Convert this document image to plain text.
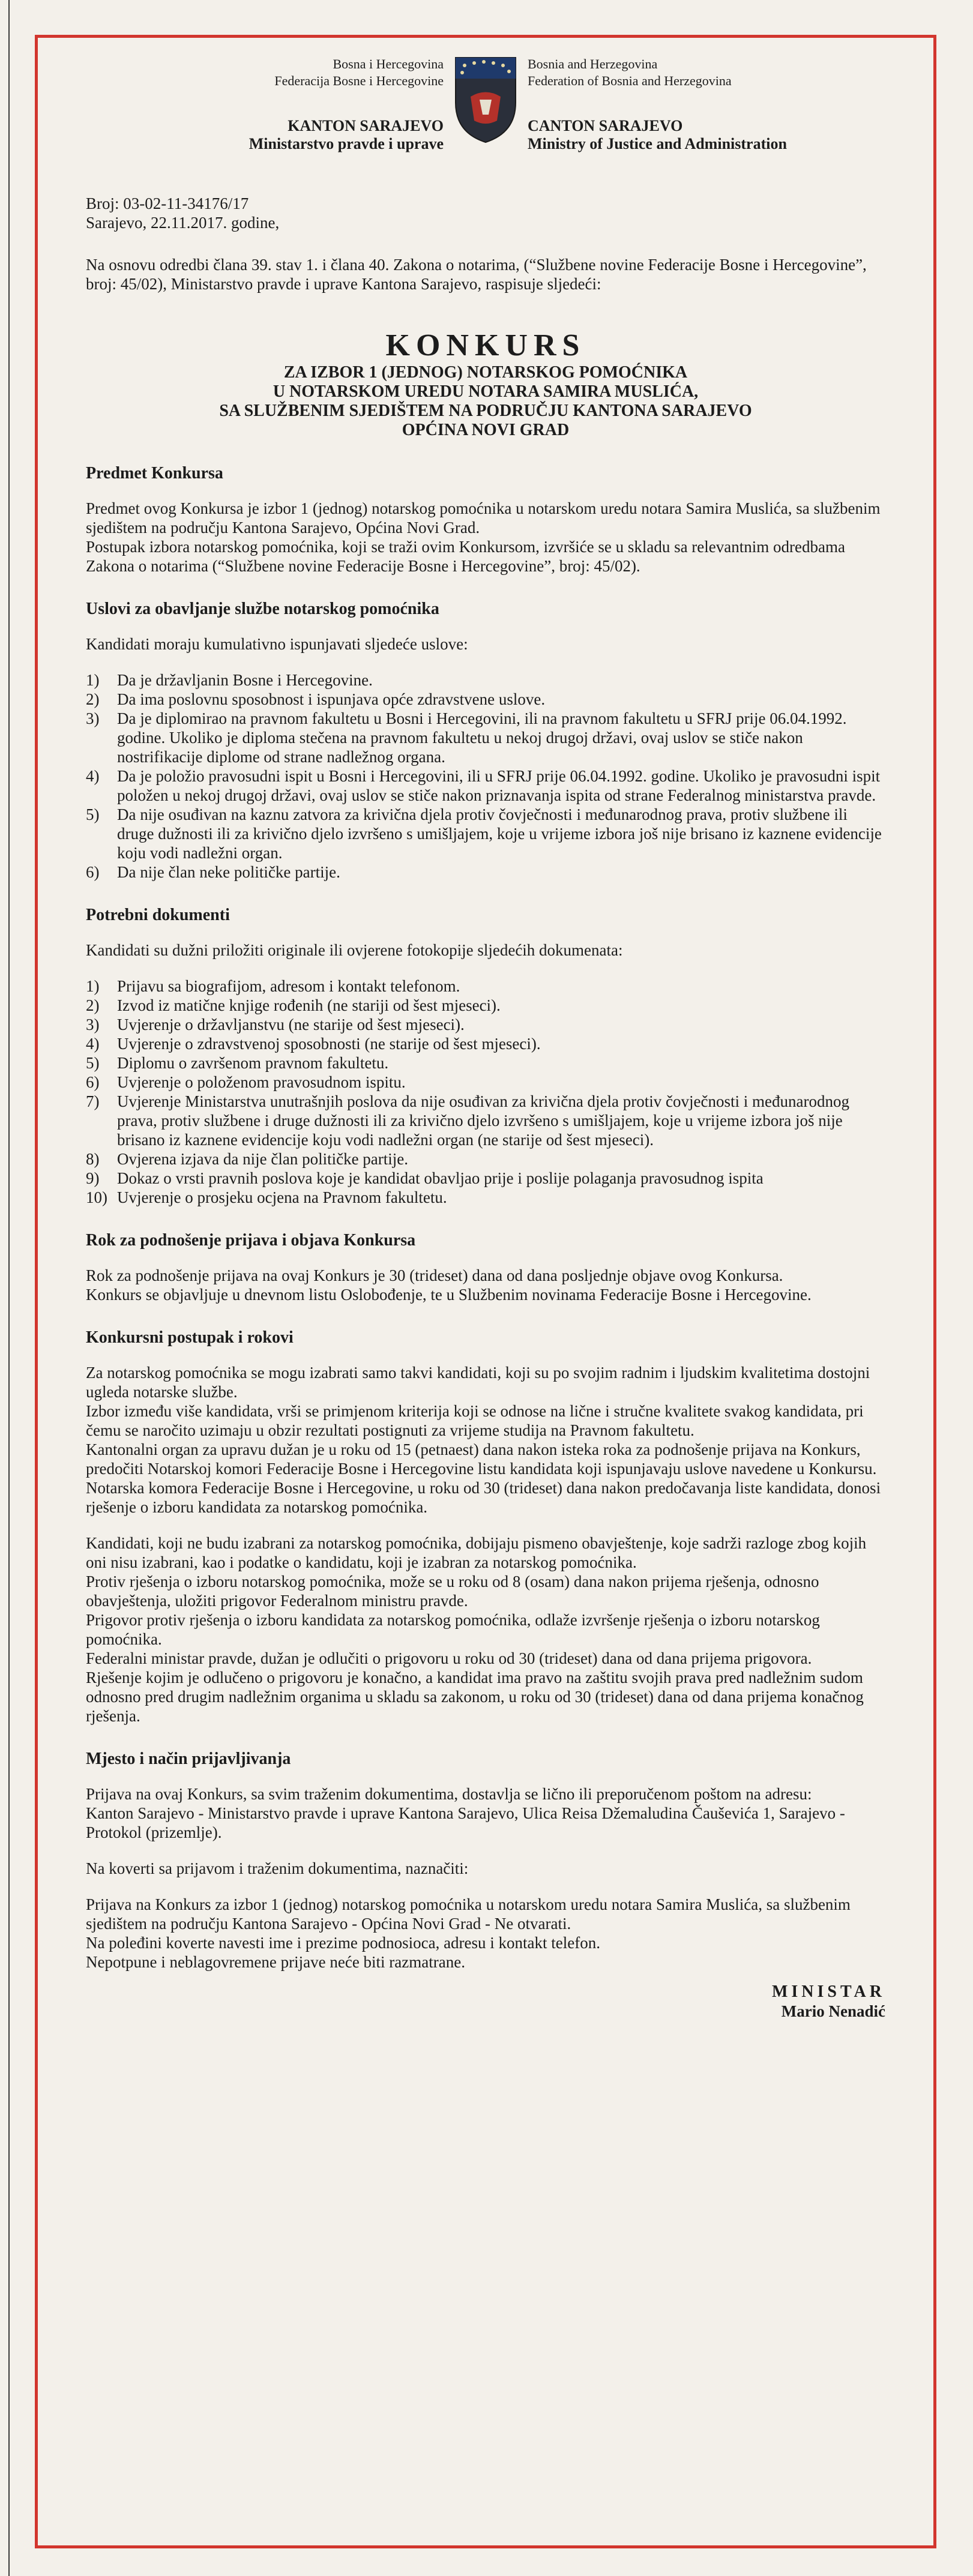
Bosna i Hercegovina
Federacija Bosne i Hercegovine
KANTON SARAJEVO
Ministarstvo pravde i uprave
Bosnia and Herzegovina
Federation of Bosnia and Herzegovina
CANTON SARAJEVO
Ministry of Justice and Administration
Broj: 03-02-11-34176/17
Sarajevo, 22.11.2017. godine,

Na osnovu odredbi člana 39. stav 1. i člana 40. Zakona o notarima, (“Službene novine Federacije Bosne i Hercegovine”, broj: 45/02), Ministarstvo pravde i uprave Kantona Sarajevo, raspisuje sljedeći:

KONKURS
ZA IZBOR 1 (JEDNOG) NOTARSKOG POMOĆNIKA
U NOTARSKOM UREDU NOTARA SAMIRA MUSLIĆA,
SA SLUŽBENIM SJEDIŠTEM NA PODRUČJU KANTONA SARAJEVO
OPĆINA NOVI GRAD
Predmet Konkursa

Predmet ovog Konkursa je izbor 1 (jednog) notarskog pomoćnika u notarskom uredu notara Samira Muslića, sa službenim sjedištem na području Kantona Sarajevo, Općina Novi Grad.

Postupak izbora notarskog pomoćnika, koji se traži ovim Konkursom, izvršiće se u skladu sa relevantnim odredbama Zakona o notarima (“Službene novine Federacije Bosne i Hercegovine”, broj: 45/02).

Uslovi za obavljanje službe notarskog pomoćnika

Kandidati moraju kumulativno ispunjavati sljedeće uslove:

1)	Da je državljanin Bosne i Hercegovine.
2)	Da ima poslovnu sposobnost i ispunjava opće zdravstvene uslove.
3)	Da je diplomirao na pravnom fakultetu u Bosni i Hercegovini, ili na pravnom fakultetu u SFRJ prije 06.04.1992. godine. Ukoliko je diploma stečena na pravnom fakultetu u nekoj drugoj državi, ovaj uslov se stiče nakon nostrifikacije diplome od strane nadležnog organa.
4)	Da je položio pravosudni ispit u Bosni i Hercegovini, ili u SFRJ prije 06.04.1992. godine. Ukoliko je pravosudni ispit položen u nekoj drugoj državi, ovaj uslov se stiče nakon priznavanja ispita od strane Federalnog ministarstva pravde.
5)	Da nije osuđivan na kaznu zatvora za krivična djela protiv čovječnosti i međunarodnog prava, protiv službene ili druge dužnosti ili za krivično djelo izvršeno s umišljajem, koje u vrijeme izbora još nije brisano iz kaznene evidencije koju vodi nadležni organ.
6)	Da nije član neke političke partije.
Potrebni dokumenti

Kandidati su dužni priložiti originale ili ovjerene fotokopije sljedećih dokumenata:

1)	Prijavu sa biografijom, adresom i kontakt telefonom.
2)	Izvod iz matične knjige rođenih (ne stariji od šest mjeseci).
3)	Uvjerenje o državljanstvu (ne starije od šest mjeseci).
4)	Uvjerenje o zdravstvenoj sposobnosti (ne starije od šest mjeseci).
5)	Diplomu o završenom pravnom fakultetu.
6)	Uvjerenje o položenom pravosudnom ispitu.
7)	Uvjerenje Ministarstva unutrašnjih poslova da nije osuđivan za krivična djela protiv čovječnosti i međunarodnog prava, protiv službene i druge dužnosti ili za krivično djelo izvršeno s umišljajem, koje u vrijeme izbora još nije brisano iz kaznene evidencije koju vodi nadležni organ (ne starije od šest mjeseci).
8)	Ovjerena izjava da nije član političke partije.
9)	Dokaz o vrsti pravnih poslova koje je kandidat obavljao prije i poslije polaganja pravosudnog ispita
10) Uvjerenje o prosjeku ocjena na Pravnom fakultetu.
Rok za podnošenje prijava i objava Konkursa

Rok za podnošenje prijava na ovaj Konkurs je 30 (trideset) dana od dana posljednje objave ovog Konkursa.

Konkurs se objavljuje u dnevnom listu Oslobođenje, te u Službenim novinama Federacije Bosne i Hercegovine.

Konkursni postupak i rokovi

Za notarskog pomoćnika se mogu izabrati samo takvi kandidati, koji su po svojim radnim i ljudskim kvalitetima dostojni ugleda notarske službe.

Izbor između više kandidata, vrši se primjenom kriterija koji se odnose na lične i stručne kvalitete svakog kandidata, pri čemu se naročito uzimaju u obzir rezultati postignuti za vrijeme studija na Pravnom fakultetu.

Kantonalni organ za upravu dužan je u roku od 15 (petnaest) dana nakon isteka roka za podnošenje prijava na Konkurs, predočiti Notarskoj komori Federacije Bosne i Hercegovine listu kandidata koji ispunjavaju uslove navedene u Konkursu.

Notarska komora Federacije Bosne i Hercegovine, u roku od 30 (trideset) dana nakon predočavanja liste kandidata, donosi rješenje o izboru kandidata za notarskog pomoćnika.

Kandidati, koji ne budu izabrani za notarskog pomoćnika, dobijaju pismeno obavještenje, koje sadrži razloge zbog kojih oni nisu izabrani, kao i podatke o kandidatu, koji je izabran za notarskog pomoćnika.

Protiv rješenja o izboru notarskog pomoćnika, može se u roku od 8 (osam) dana nakon prijema rješenja, odnosno obavještenja, uložiti prigovor Federalnom ministru pravde.

Prigovor protiv rješenja o izboru kandidata za notarskog pomoćnika, odlaže izvršenje rješenja o izboru notarskog pomoćnika.

Federalni ministar pravde, dužan je odlučiti o prigovoru u roku od 30 (trideset) dana od dana prijema prigovora.

Rješenje kojim je odlučeno o prigovoru je konačno, a kandidat ima pravo na zaštitu svojih prava pred nadležnim sudom odnosno pred drugim nadležnim organima u skladu sa zakonom, u roku od 30 (trideset) dana od dana prijema konačnog rješenja.

Mjesto i način prijavljivanja

Prijava na ovaj Konkurs, sa svim traženim dokumentima, dostavlja se lično ili preporučenom poštom na adresu:

Kanton Sarajevo - Ministarstvo pravde i uprave Kantona Sarajevo, Ulica Reisa Džemaludina Čauševića 1, Sarajevo - Protokol (prizemlje).

Na koverti sa prijavom i traženim dokumentima, naznačiti:

Prijava na Konkurs za izbor 1 (jednog) notarskog pomoćnika u notarskom uredu notara Samira Muslića, sa službenim sjedištem na području Kantona Sarajevo - Općina Novi Grad - Ne otvarati.

Na poleđini koverte navesti ime i prezime podnosioca, adresu i kontakt telefon.

Nepotpune i neblagovremene prijave neće biti razmatrane.

MINISTAR
Mario Nenadić
